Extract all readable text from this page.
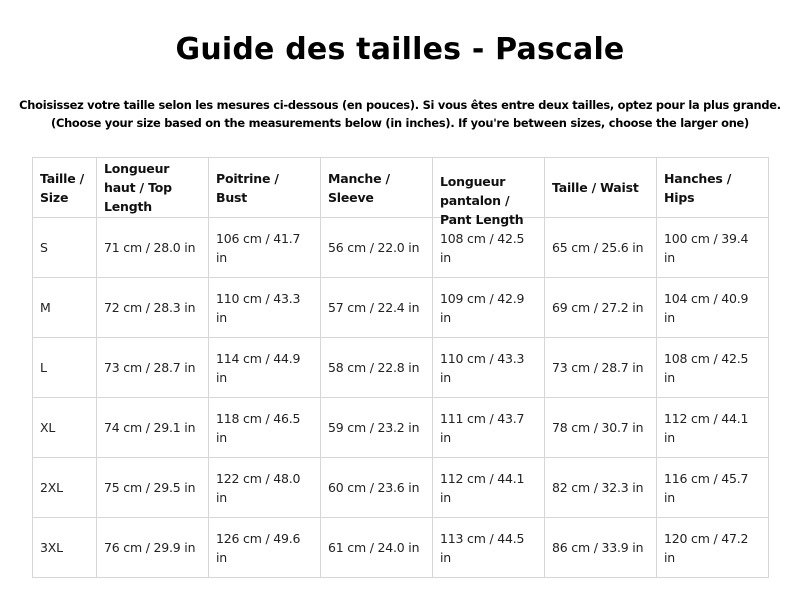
Guide des tailles - Pascale
Choisissez votre taille selon les mesures ci-dessous (en pouces). Si vous êtes entre deux tailles, optez pour la plus grande.
(Choose your size based on the measurements below (in inches). If you're between sizes, choose the larger one)
Taille / Size	Longueur haut / Top Length	Poitrine / Bust	Manche / Sleeve	Longueur pantalon / Pant Length	Taille / Waist	Hanches / Hips

S	71 cm / 28.0 in	106 cm / 41.7 in	56 cm / 22.0 in	108 cm / 42.5 in	65 cm / 25.6 in	100 cm / 39.4 in
M	72 cm / 28.3 in	110 cm / 43.3 in	57 cm / 22.4 in	109 cm / 42.9 in	69 cm / 27.2 in	104 cm / 40.9 in
L	73 cm / 28.7 in	114 cm / 44.9 in	58 cm / 22.8 in	110 cm / 43.3 in	73 cm / 28.7 in	108 cm / 42.5 in
XL	74 cm / 29.1 in	118 cm / 46.5 in	59 cm / 23.2 in	111 cm / 43.7 in	78 cm / 30.7 in	112 cm / 44.1 in
2XL	75 cm / 29.5 in	122 cm / 48.0 in	60 cm / 23.6 in	112 cm / 44.1 in	82 cm / 32.3 in	116 cm / 45.7 in
3XL	76 cm / 29.9 in	126 cm / 49.6 in	61 cm / 24.0 in	113 cm / 44.5 in	86 cm / 33.9 in	120 cm / 47.2 in
